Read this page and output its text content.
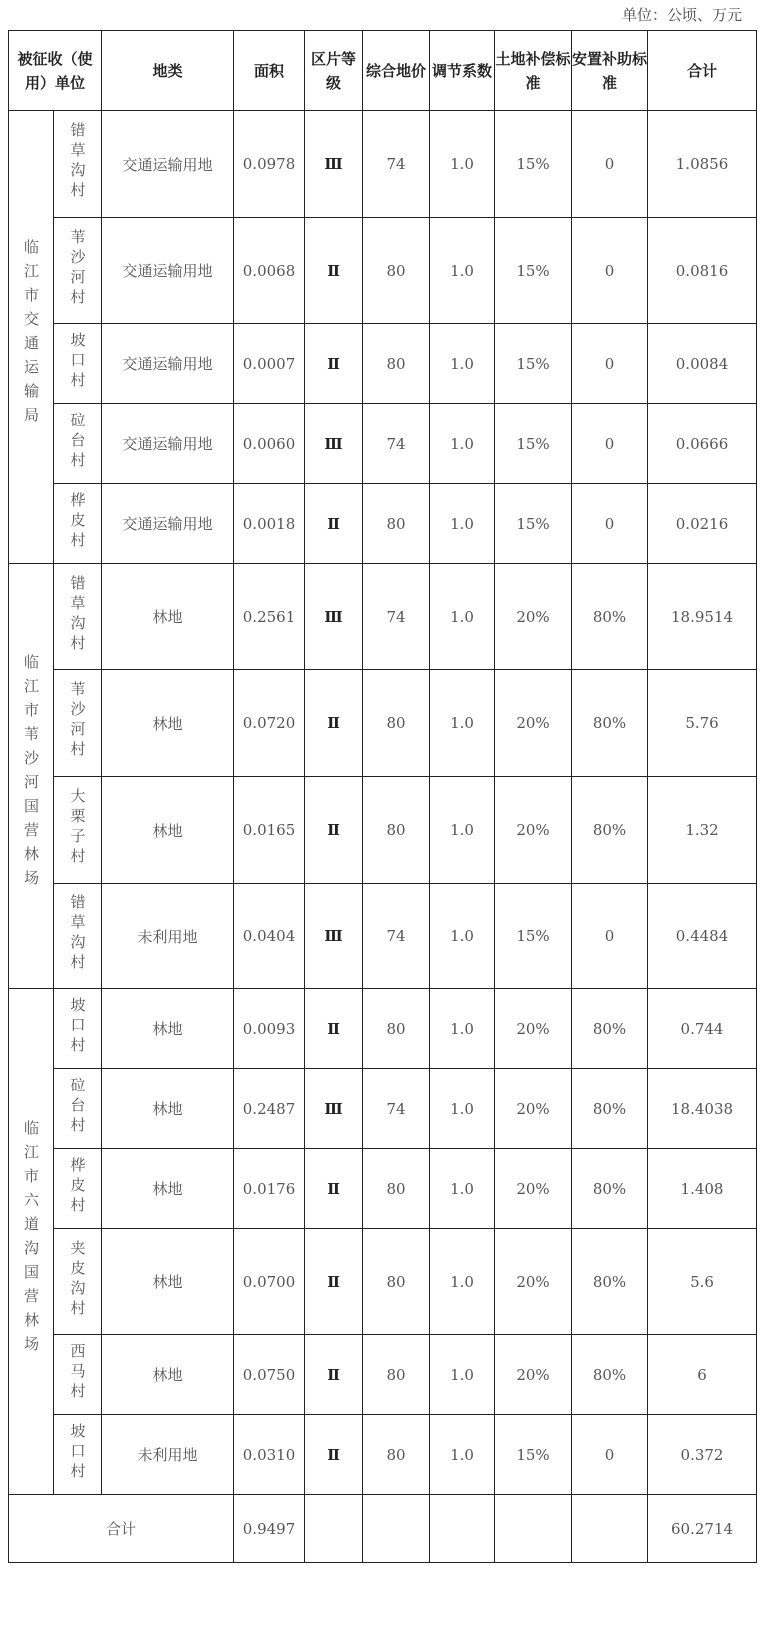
单位：公顷、万元
被征收（使用）单位		地类	面积	区片等级	综合地价	调节系数	土地补偿标准	安置补助标准	合计
临江市交通运输局	错草沟村	交通运输用地	0.0978	Ⅲ	74	1.0	15%	0	1.0856
	苇沙河村	交通运输用地	0.0068	Ⅱ	80	1.0	15%	0	0.0816
	坡口村	交通运输用地	0.0007	Ⅱ	80	1.0	15%	0	0.0084
	砬台村	交通运输用地	0.0060	Ⅲ	74	1.0	15%	0	0.0666
	桦皮村	交通运输用地	0.0018	Ⅱ	80	1.0	15%	0	0.0216
临江市苇沙河国营林场	错草沟村	林地	0.2561	Ⅲ	74	1.0	20%	80%	18.9514
	苇沙河村	林地	0.0720	Ⅱ	80	1.0	20%	80%	5.76
	大栗子村	林地	0.0165	Ⅱ	80	1.0	20%	80%	1.32
	错草沟村	未利用地	0.0404	Ⅲ	74	1.0	15%	0	0.4484
临江市六道沟国营林场	坡口村	林地	0.0093	Ⅱ	80	1.0	20%	80%	0.744
	砬台村	林地	0.2487	Ⅲ	74	1.0	20%	80%	18.4038
	桦皮村	林地	0.0176	Ⅱ	80	1.0	20%	80%	1.408
	夹皮沟村	林地	0.0700	Ⅱ	80	1.0	20%	80%	5.6
	西马村	林地	0.0750	Ⅱ	80	1.0	20%	80%	6
	坡口村	未利用地	0.0310	Ⅱ	80	1.0	15%	0	0.372
合计			0.9497						60.2714
